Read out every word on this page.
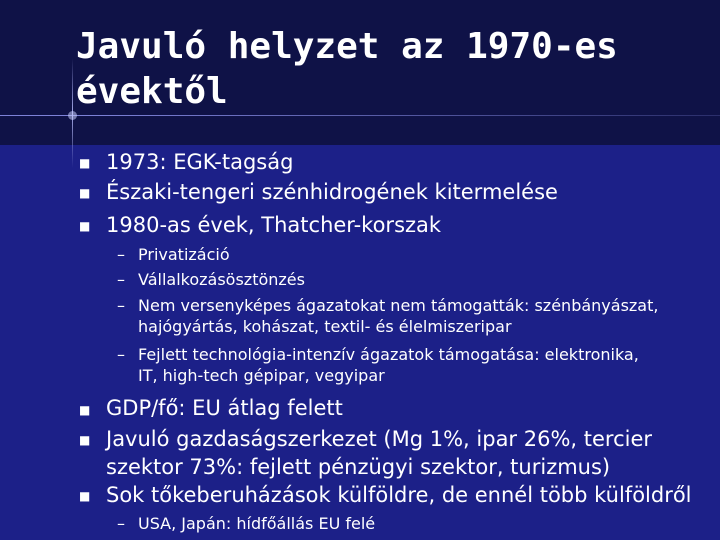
Javuló helyzet az 1970-es
évektől
■ 1973: EGK-tagság
■ Északi-tengeri szénhidrogének kitermelése
■ 1980-as évek, Thatcher-korszak
– Privatizáció
– Vállalkozásösztönzés
– Nem versenyképes ágazatokat nem támogatták: szénbányászat,
hajógyártás, kohászat, textil- és élelmiszeripar
– Fejlett technológia-intenzív ágazatok támogatása: elektronika,
IT, high-tech gépipar, vegyipar
■ GDP/fő: EU átlag felett
■ Javuló gazdaságszerkezet (Mg 1%, ipar 26%, tercier
szektor 73%: fejlett pénzügyi szektor, turizmus)
■ Sok tőkeberuházások külföldre, de ennél több külföldről
– USA, Japán: hídfőállás EU felé
